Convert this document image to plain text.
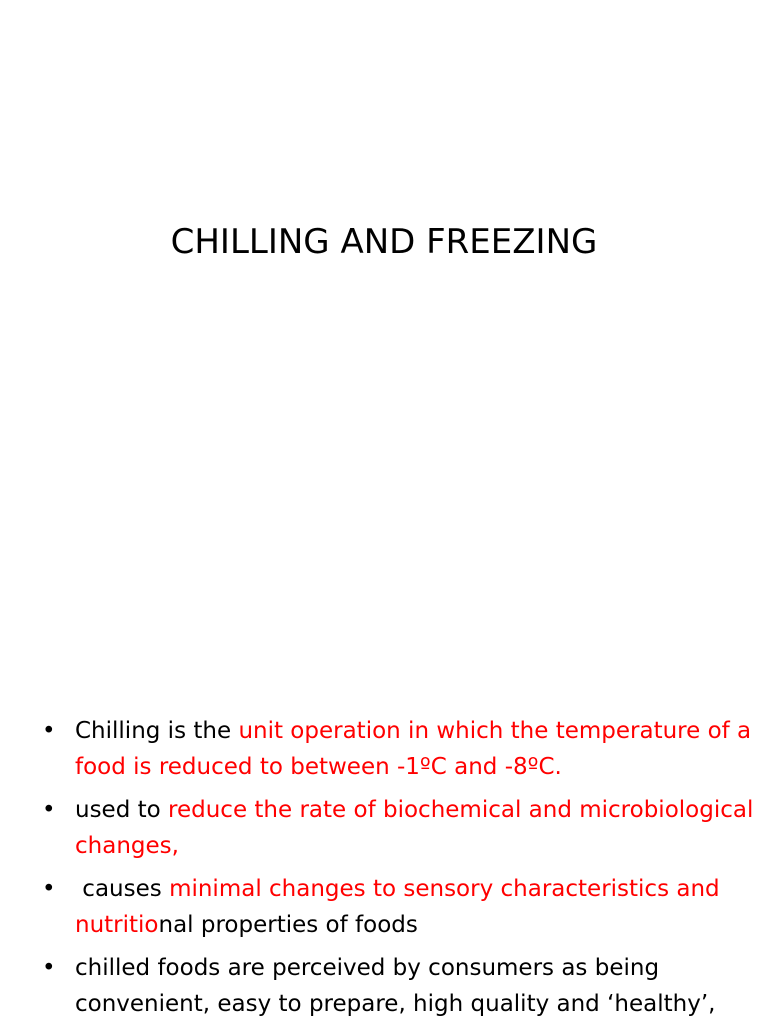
CHILLING AND FREEZING
• Chilling is the unit operation in which the temperature of a food is reduced to between -1ºC and -8ºC.
• used to reduce the rate of biochemical and microbiological changes,
• causes minimal changes to sensory characteristics and nutritional properties of foods
• chilled foods are perceived by consumers as being convenient, easy to prepare, high quality and ‘healthy’,
